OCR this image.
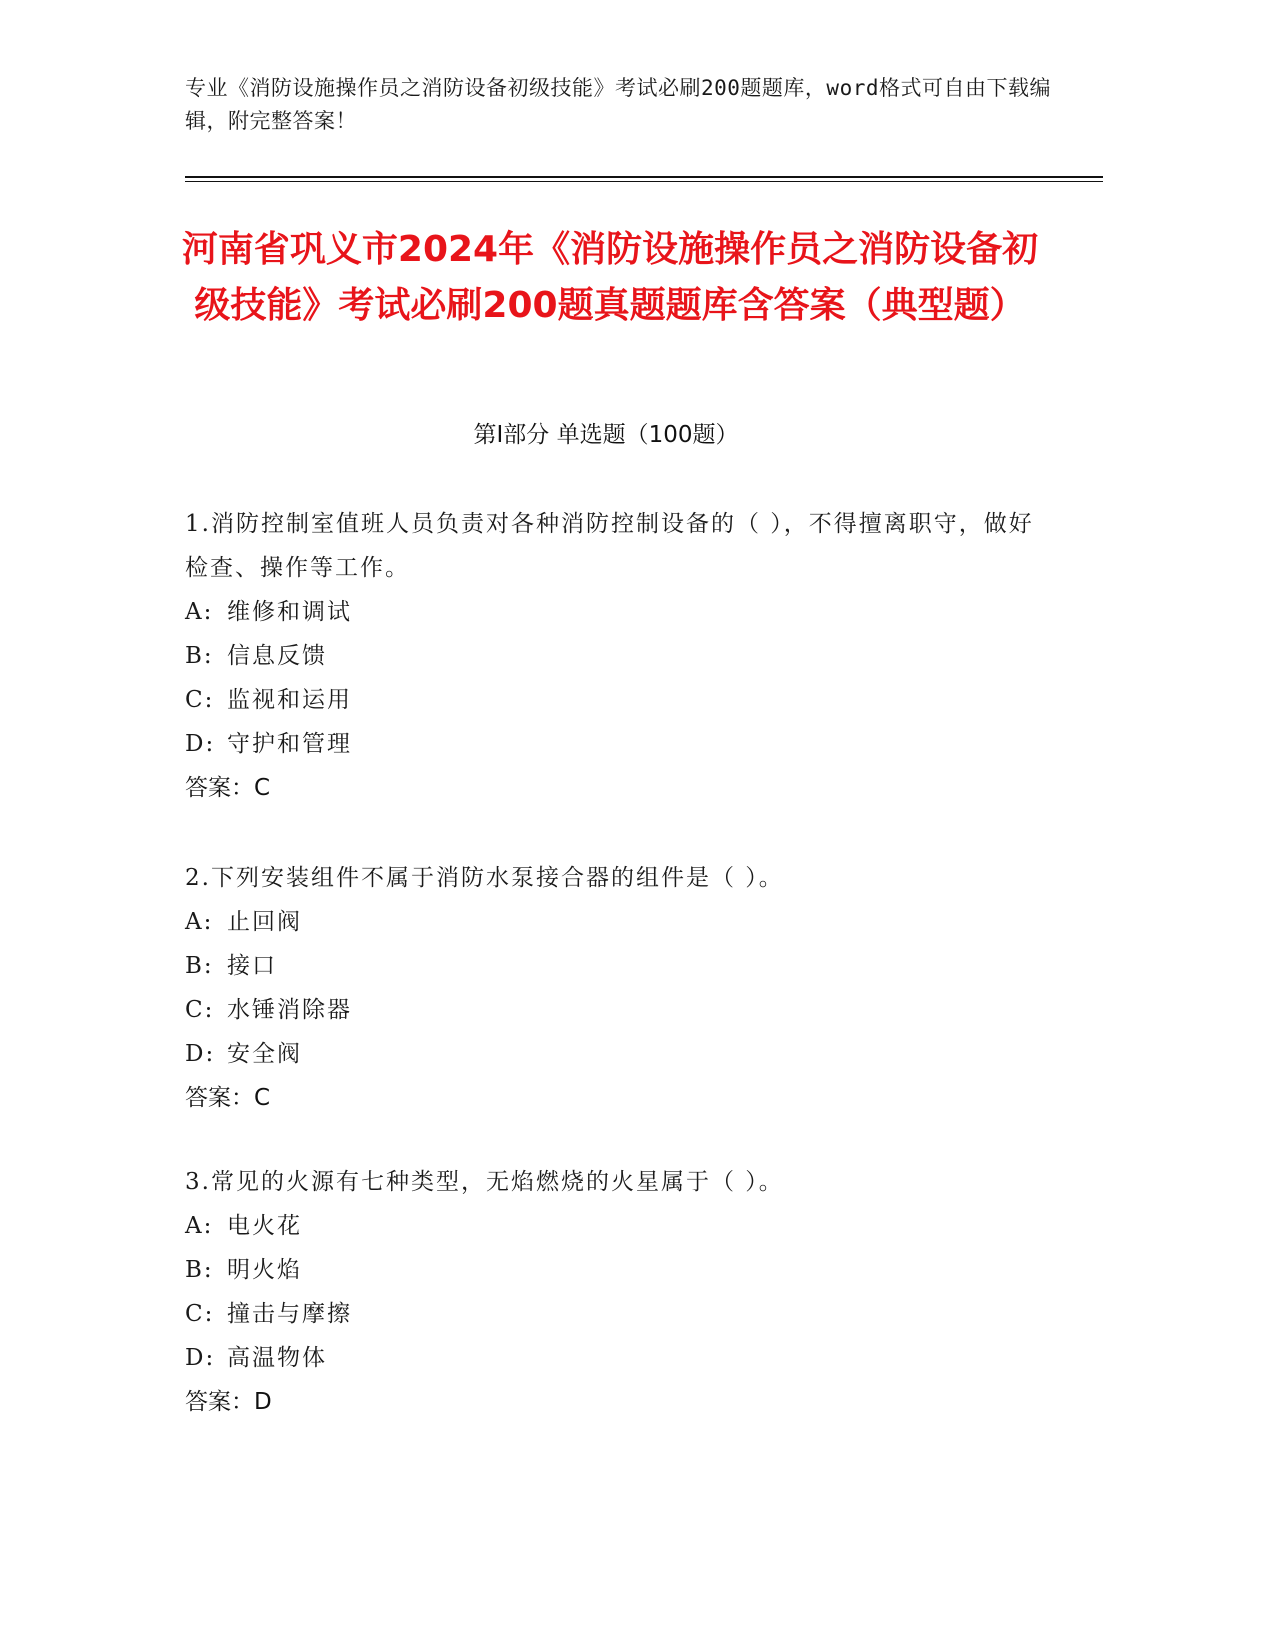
专业《消防设施操作员之消防设备初级技能》考试必刷200题题库，word格式可自由下载编辑，附完整答案！
河南省巩义市2024年《消防设施操作员之消防设备初级技能》考试必刷200题真题题库含答案（典型题）
第Ⅰ部分 单选题（100题）

1.消防控制室值班人员负责对各种消防控制设备的（ ），不得擅离职守，做好检查、操作等工作。

A: 维修和调试
B: 信息反馈
C: 监视和运用
D: 守护和管理
答案：C

2.下列安装组件不属于消防水泵接合器的组件是（ ）。

A: 止回阀
B: 接口
C: 水锤消除器
D: 安全阀
答案：C

3.常见的火源有七种类型，无焰燃烧的火星属于（ ）。

A: 电火花
B: 明火焰
C: 撞击与摩擦
D: 高温物体
答案：D
